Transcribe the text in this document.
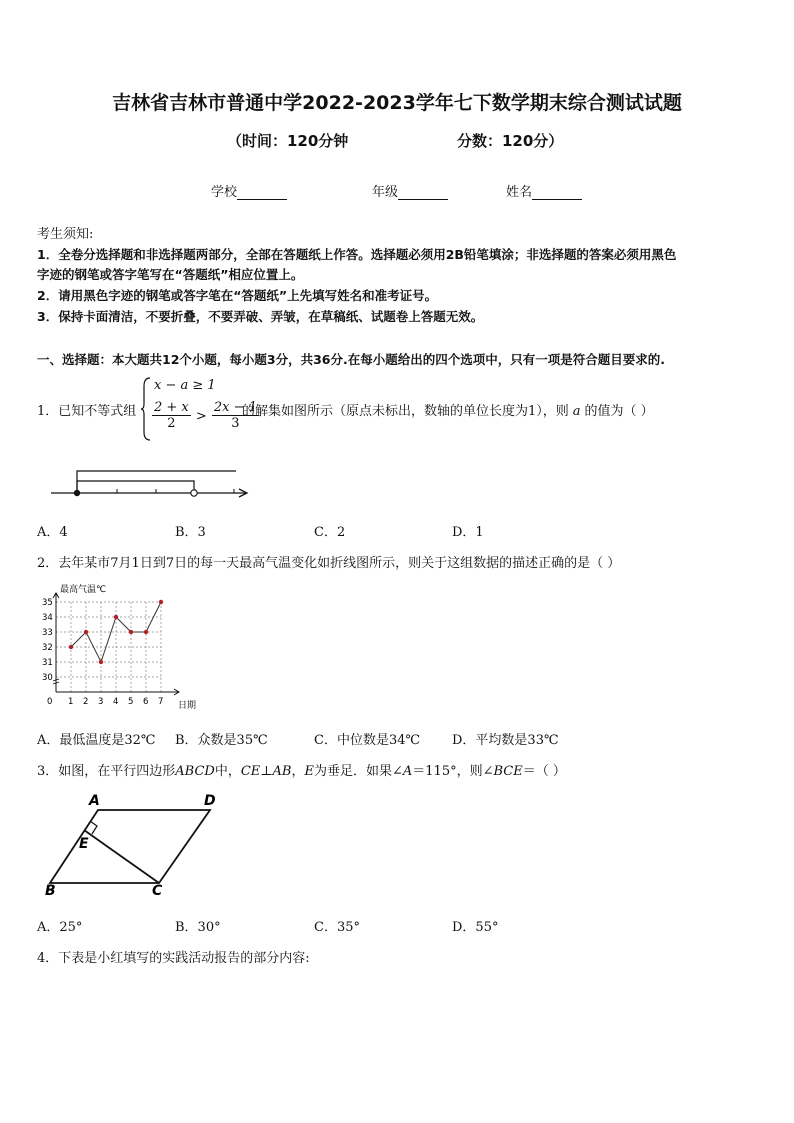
吉林省吉林市普通中学2022-2023学年七下数学期末综合测试试题
（时间：120分钟	分数：120分）
学校	年级	姓名
考生须知:
1．全卷分选择题和非选择题两部分，全部在答题纸上作答。选择题必须用2B铅笔填涂；非选择题的答案必须用黑色
字迹的钢笔或答字笔写在“答题纸”相应位置上。
2．请用黑色字迹的钢笔或答字笔在“答题纸”上先填写姓名和准考证号。
3．保持卡面清洁，不要折叠，不要弄破、弄皱，在草稿纸、试题卷上答题无效。
一、选择题：本大题共12个小题，每小题3分，共36分.在每小题给出的四个选项中，只有一项是符合题目要求的.
1．已知不等式组
x − a ≥ 1
$\frac{2 + x}{2} > \frac{2x - 1}{3}$
的解集如图所示（原点未标出，数轴的单位长度为1），则 a 的值为（ ）
A．4	B．3	C．2	D．1
2．去年某市7月1日到7日的每一天最高气温变化如折线图所示，则关于这组数据的描述正确的是（ ）
0 1 2 3 4 5 6 7
30
31
32
33
34
35
最高气温℃
日期
A．最低温度是32℃ B．众数是35℃	C．中位数是34℃ D．平均数是33℃
3．如图，在平行四边形ABCD中，CE⊥AB，E为垂足．如果∠A＝115°，则∠BCE＝（ ）
A	D
E
B	C
A．25°	B．30°	C．35°	D．55°
4．下表是小红填写的实践活动报告的部分内容:
